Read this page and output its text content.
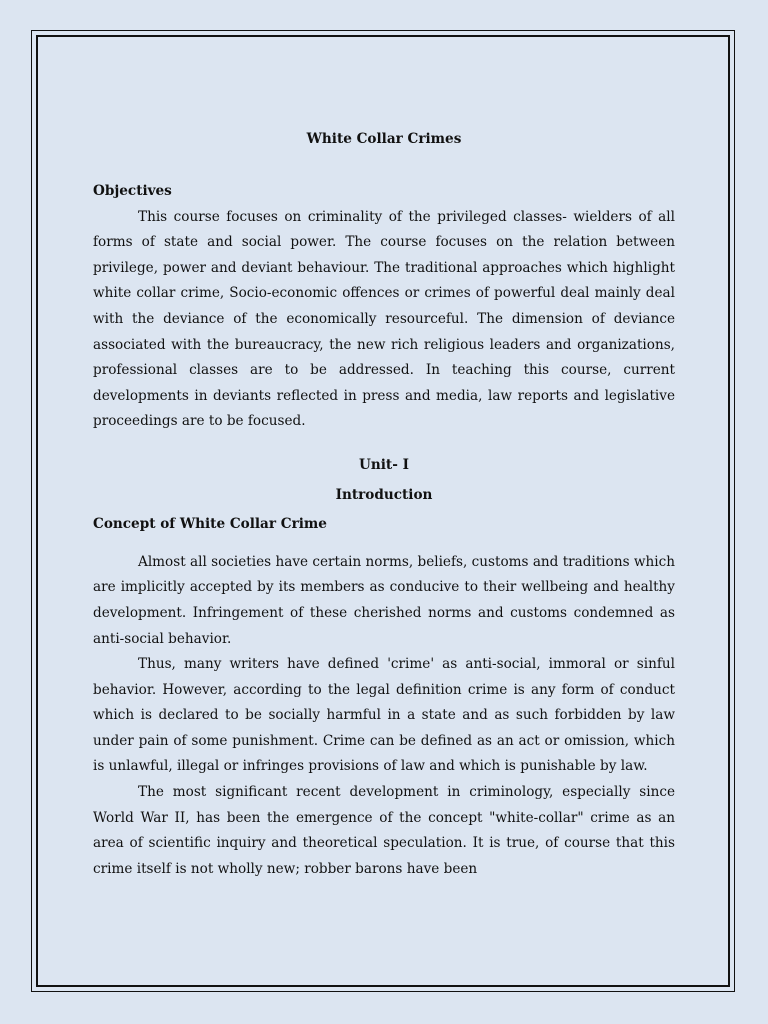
White Collar Crimes
Objectives

This course focuses on criminality of the privileged classes- wielders of all forms of state and social power. The course focuses on the relation between privilege, power and deviant behaviour. The traditional approaches which highlight white collar crime, Socio-economic offences or crimes of powerful deal mainly deal with the deviance of the economically resourceful. The dimension of deviance associated with the bureaucracy, the new rich religious leaders and organizations, professional classes are to be addressed. In teaching this course, current developments in deviants reflected in press and media, law reports and legislative proceedings are to be focused.

Unit- I
Introduction
Concept of White Collar Crime

Almost all societies have certain norms, beliefs, customs and traditions which are implicitly accepted by its members as conducive to their wellbeing and healthy development. Infringement of these cherished norms and customs condemned as anti-social behavior.

Thus, many writers have defined 'crime' as anti-social, immoral or sinful behavior. However, according to the legal definition crime is any form of conduct which is declared to be socially harmful in a state and as such forbidden by law under pain of some punishment. Crime can be defined as an act or omission, which is unlawful, illegal or infringes provisions of law and which is punishable by law.

The most significant recent development in criminology, especially since World War II, has been the emergence of the concept "white-collar" crime as an area of scientific inquiry and theoretical speculation. It is true, of course that this crime itself is not wholly new; robber barons have been
